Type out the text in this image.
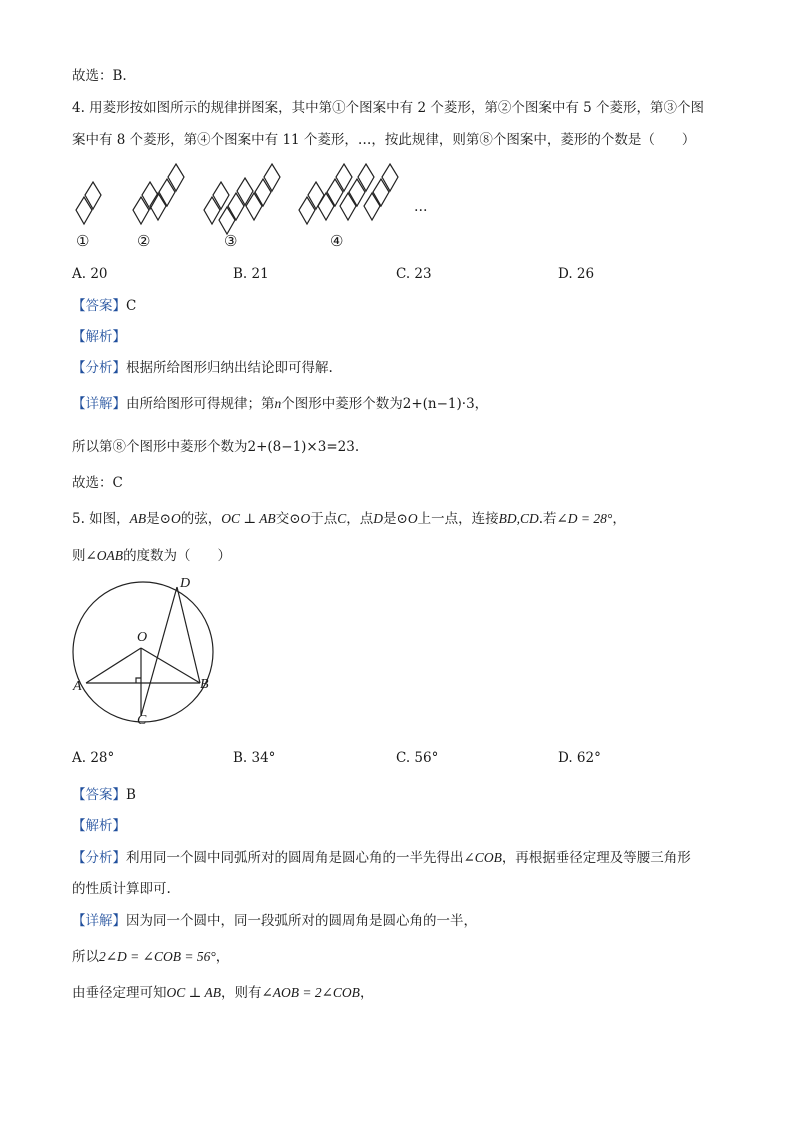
故选：B.
4. 用菱形按如图所示的规律拼图案，其中第①个图案中有 2 个菱形，第②个图案中有 5 个菱形，第③个图
案中有 8 个菱形，第④个图案中有 11 个菱形，…，按此规律，则第⑧个图案中，菱形的个数是（　　）
…
①	②	③	④
A. 20	B. 21	C. 23	D. 26
【答案】C
【解析】
【分析】根据所给图形归纳出结论即可得解.
【详解】由所给图形可得规律；第n个图形中菱形个数为2+(n−1)·3，
所以第⑧个图形中菱形个数为2+(8−1)×3=23.
故选：C
5. 如图，AB是⊙O的弦，OC ⊥ AB交⊙O于点C，点D是⊙O上一点，连接BD,CD.若∠D = 28°，
则∠OAB的度数为（　　）
O
A	B
C
D
A. 28°	B. 34°	C. 56°	D. 62°
【答案】B
【解析】
【分析】利用同一个圆中同弧所对的圆周角是圆心角的一半先得出∠COB，再根据垂径定理及等腰三角形
的性质计算即可.
【详解】因为同一个圆中，同一段弧所对的圆周角是圆心角的一半，
所以2∠D = ∠COB = 56°，
由垂径定理可知OC ⊥ AB，则有∠AOB = 2∠COB，
